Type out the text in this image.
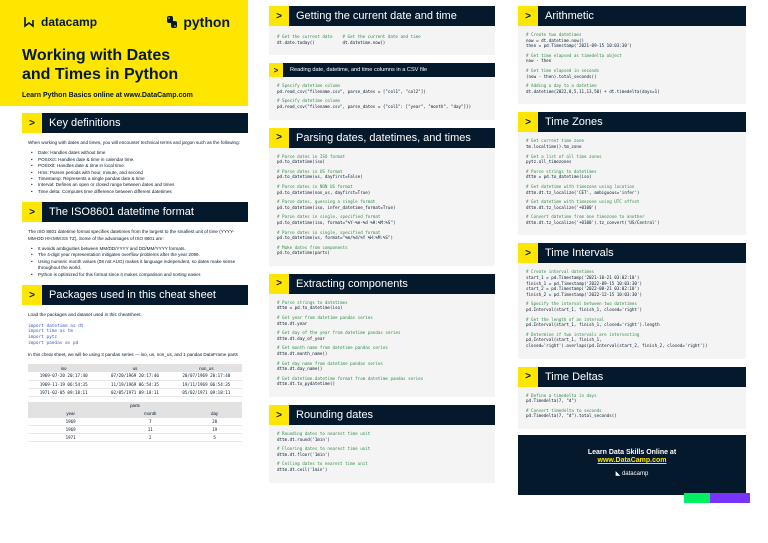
datacamp	python
Working with Dates
and Times in Python
Learn Python Basics online at www.DataCamp.com
>	Key definitions
When working with dates and times, you will encounter technical terms and jargon such as the following:
• Date: Handles dates without time
• POSIXct: Handles date & time in calendar time.
• POSIXlt: Handles date & time in local time.
• Hms: Parses periods with hour, minute, and second
• Timestamp: Represents a single pandas date & time
• Interval: Defines an open or closed range between dates and times
• Time delta: Computes time difference between different datetimes
>	The ISO8601 datetime format
The ISO 8601 datetime format specifies datetimes from the largest to the smallest unit of time (YYYY-MM-DD HH:MM:SS TZ). Some of the advantages of ISO 8601 are:
• It avoids ambiguities between MM/DD/YYYY and DD/MM/YYYY formats.
• The 4-digit year representation mitigates overflow problems after the year 2099.
• Using numeric month values (08 not AUG) makes it language independent, so dates make sense throughout the world.
• Python is optimized for this format since it makes comparison and sorting easier.
>	Packages used in this cheat sheet
Load the packages and dataset used in this cheatsheet.
import datetime as dt
import time as tm
import pytz
import pandas as pd
In this cheat sheet, we will be using 3 pandas series — iso, us, non_us, and 1 pandas DataFrame parts
iso	us	non_us
1969-07-20 20:17:40	07/20/1969 20:17:40	20/07/1969 20:17:40
1969-11-19 06:54:35	11/19/1969 06:54:35	19/11/1969 06:54:35
1971-02-05 09:18:11	02/05/1971 09:18:11	05/02/1971 09:18:11
parts		
year	month	day
1969	7	20
1969	11	19
1971	2	5
>	Getting the current date and time
# Get the current date
dt.date.today()
# Get the current date and time
dt.datetime.now()
>	Reading date, datetime, and time columns in a CSV file
# Specify datetime column
pd.read_csv("filename.csv", parse_dates = ["col1", "col2"])
# Specify datetime column
pd.read_csv("filename.csv", parse_dates = {"col1": ["year", "month", "day"]})
>	Parsing dates, datetimes, and times
# Parse dates in ISO format
pd.to_datetime(iso)
# Parse dates in US format
pd.to_datetime(us, dayfirst=False)
# Parse dates in NON US format
pd.to_datetime(non_us, dayfirst=True)
# Parse dates, guessing a single format
pd.to_datetime(iso, infer_datetime_format=True)
# Parse dates in single, specified format
pd.to_datetime(iso, format="%Y-%m-%d %H:%M:%S")
# Parse dates in single, specified format
pd.to_datetime(us, format="%m/%d/%Y %H:%M:%S")
# Make dates from components
pd.to_datetime(parts)
>	Extracting components
# Parse strings to datetimes
dttm = pd.to_datetime(iso)
# Get year from datetime pandas series
dttm.dt.year
# Get day of the year from datetime pandas series
dttm.dt.day_of_year
# Get month name from datetime pandas series
dttm.dt.month_name()
# Get day name from datetime pandas series
dttm.dt.day_name()
# Get datetime.datetime format from datetime pandas series
dttm.dt.to_pydatetime()
>	Rounding dates
# Rounding dates to nearest time unit
dttm.dt.round('1min')
# Flooring dates to nearest time unit
dttm.dt.floor('1min')
# Ceiling dates to nearest time unit
dttm.dt.ceil('1min')
>	Arithmetic
# Create two datetimes
now = dt.datetime.now()
then = pd.Timestamp('2021-09-15 10:03:30')
# Get time elapsed as timedelta object
now - then
# Get time elapsed in seconds
(now - then).total_seconds()
# Adding a day to a datetime
dt.datetime(2022,8,5,11,13,50) + dt.timedelta(days=1)
>	Time Zones
# Get current time zone
tm.localtime().tm_zone
# Get a list of all time zones
pytz.all_timezones
# Parse strings to datetimes
dttm = pd.to_datetime(iso)
# Get datetime with timezone using location
dttm.dt.tz_localize('CET', ambiguous='infer')
# Get datetime with timezone using UTC offset
dttm.dt.tz_localize('+0100')
# Convert datetime from one timezone to another
dttm.dt.tz_localize('+0100').tz_convert('US/Central')
>	Time Intervals
# Create interval datetimes
start_1 = pd.Timestamp('2021-10-21 03:02:10')
finish_1 = pd.Timestamp('2022-09-15 10:03:30')
start_2 = pd.Timestamp('2022-08-21 03:02:10')
finish_2 = pd.Timestamp('2022-12-15 10:03:30')
# Specify the interval between two datetimes
pd.Interval(start_1, finish_1, closed='right')
# Get the length of an interval
pd.Interval(start_1, finish_1, closed='right').length
# Determine if two intervals are intersecting
pd.Interval(start_1, finish_1,
closed='right').overlaps(pd.Interval(start_2, finish_2, closed='right'))
>	Time Deltas
# Define a timedelta in days
pd.Timedelta(7, "d")
# Convert timedelta to seconds
pd.Timedelta(7, "d").total_seconds()
Learn Data Skills Online at
www.DataCamp.com
◣ datacamp
